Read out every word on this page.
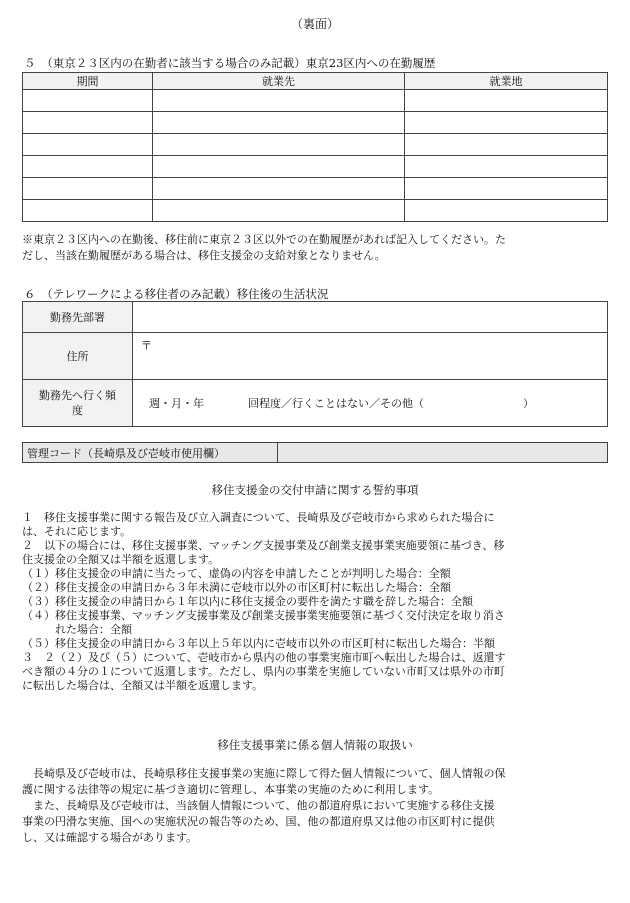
（裏面）
５　（東京２３区内の在勤者に該当する場合のみ記載）東京23区内への在勤履歴
期間	就業先	就業地

※東京２３区内への在勤後、移住前に東京２３区以外での在勤履歴があれば記入してください。た

だし、当該在勤履歴がある場合は、移住支援金の支給対象となりません。

６　（テレワークによる移住者のみ記載）移住後の生活状況
勤務先部署	
住所	〒

勤務先へ行く頻
度	週・月・年　　　　回程度／行くことはない／その他（　　　　　　　　　）
管理コード（長崎県及び壱岐市使用欄）	
移住支援金の交付申請に関する誓約事項

１　移住支援事業に関する報告及び立入調査について、長崎県及び壱岐市から求められた場合に

は、それに応じます。

２　以下の場合には、移住支援事業、マッチング支援事業及び創業支援事業実施要領に基づき、移

住支援金の全額又は半額を返還します。

（１）移住支援金の申請に当たって、虚偽の内容を申請したことが判明した場合：全額

（２）移住支援金の申請日から３年未満に壱岐市以外の市区町村に転出した場合：全額

（３）移住支援金の申請日から１年以内に移住支援金の要件を満たす職を辞した場合：全額

（４）移住支援事業、マッチング支援事業及び創業支援事業実施要領に基づく交付決定を取り消さ

　　　れた場合：全額

（５）移住支援金の申請日から３年以上５年以内に壱岐市以外の市区町村に転出した場合：半額

３　２（２）及び（５）について、壱岐市から県内の他の事業実施市町へ転出した場合は、返還す

べき額の４分の１について返還します。ただし、県内の事業を実施していない市町又は県外の市町

に転出した場合は、全額又は半額を返還します。

移住支援事業に係る個人情報の取扱い

　長崎県及び壱岐市は、長崎県移住支援事業の実施に際して得た個人情報について、個人情報の保

護に関する法律等の規定に基づき適切に管理し、本事業の実施のために利用します。

　また、長崎県及び壱岐市は、当該個人情報について、他の都道府県において実施する移住支援

事業の円滑な実施、国への実施状況の報告等のため、国、他の都道府県又は他の市区町村に提供

し、又は確認する場合があります。
